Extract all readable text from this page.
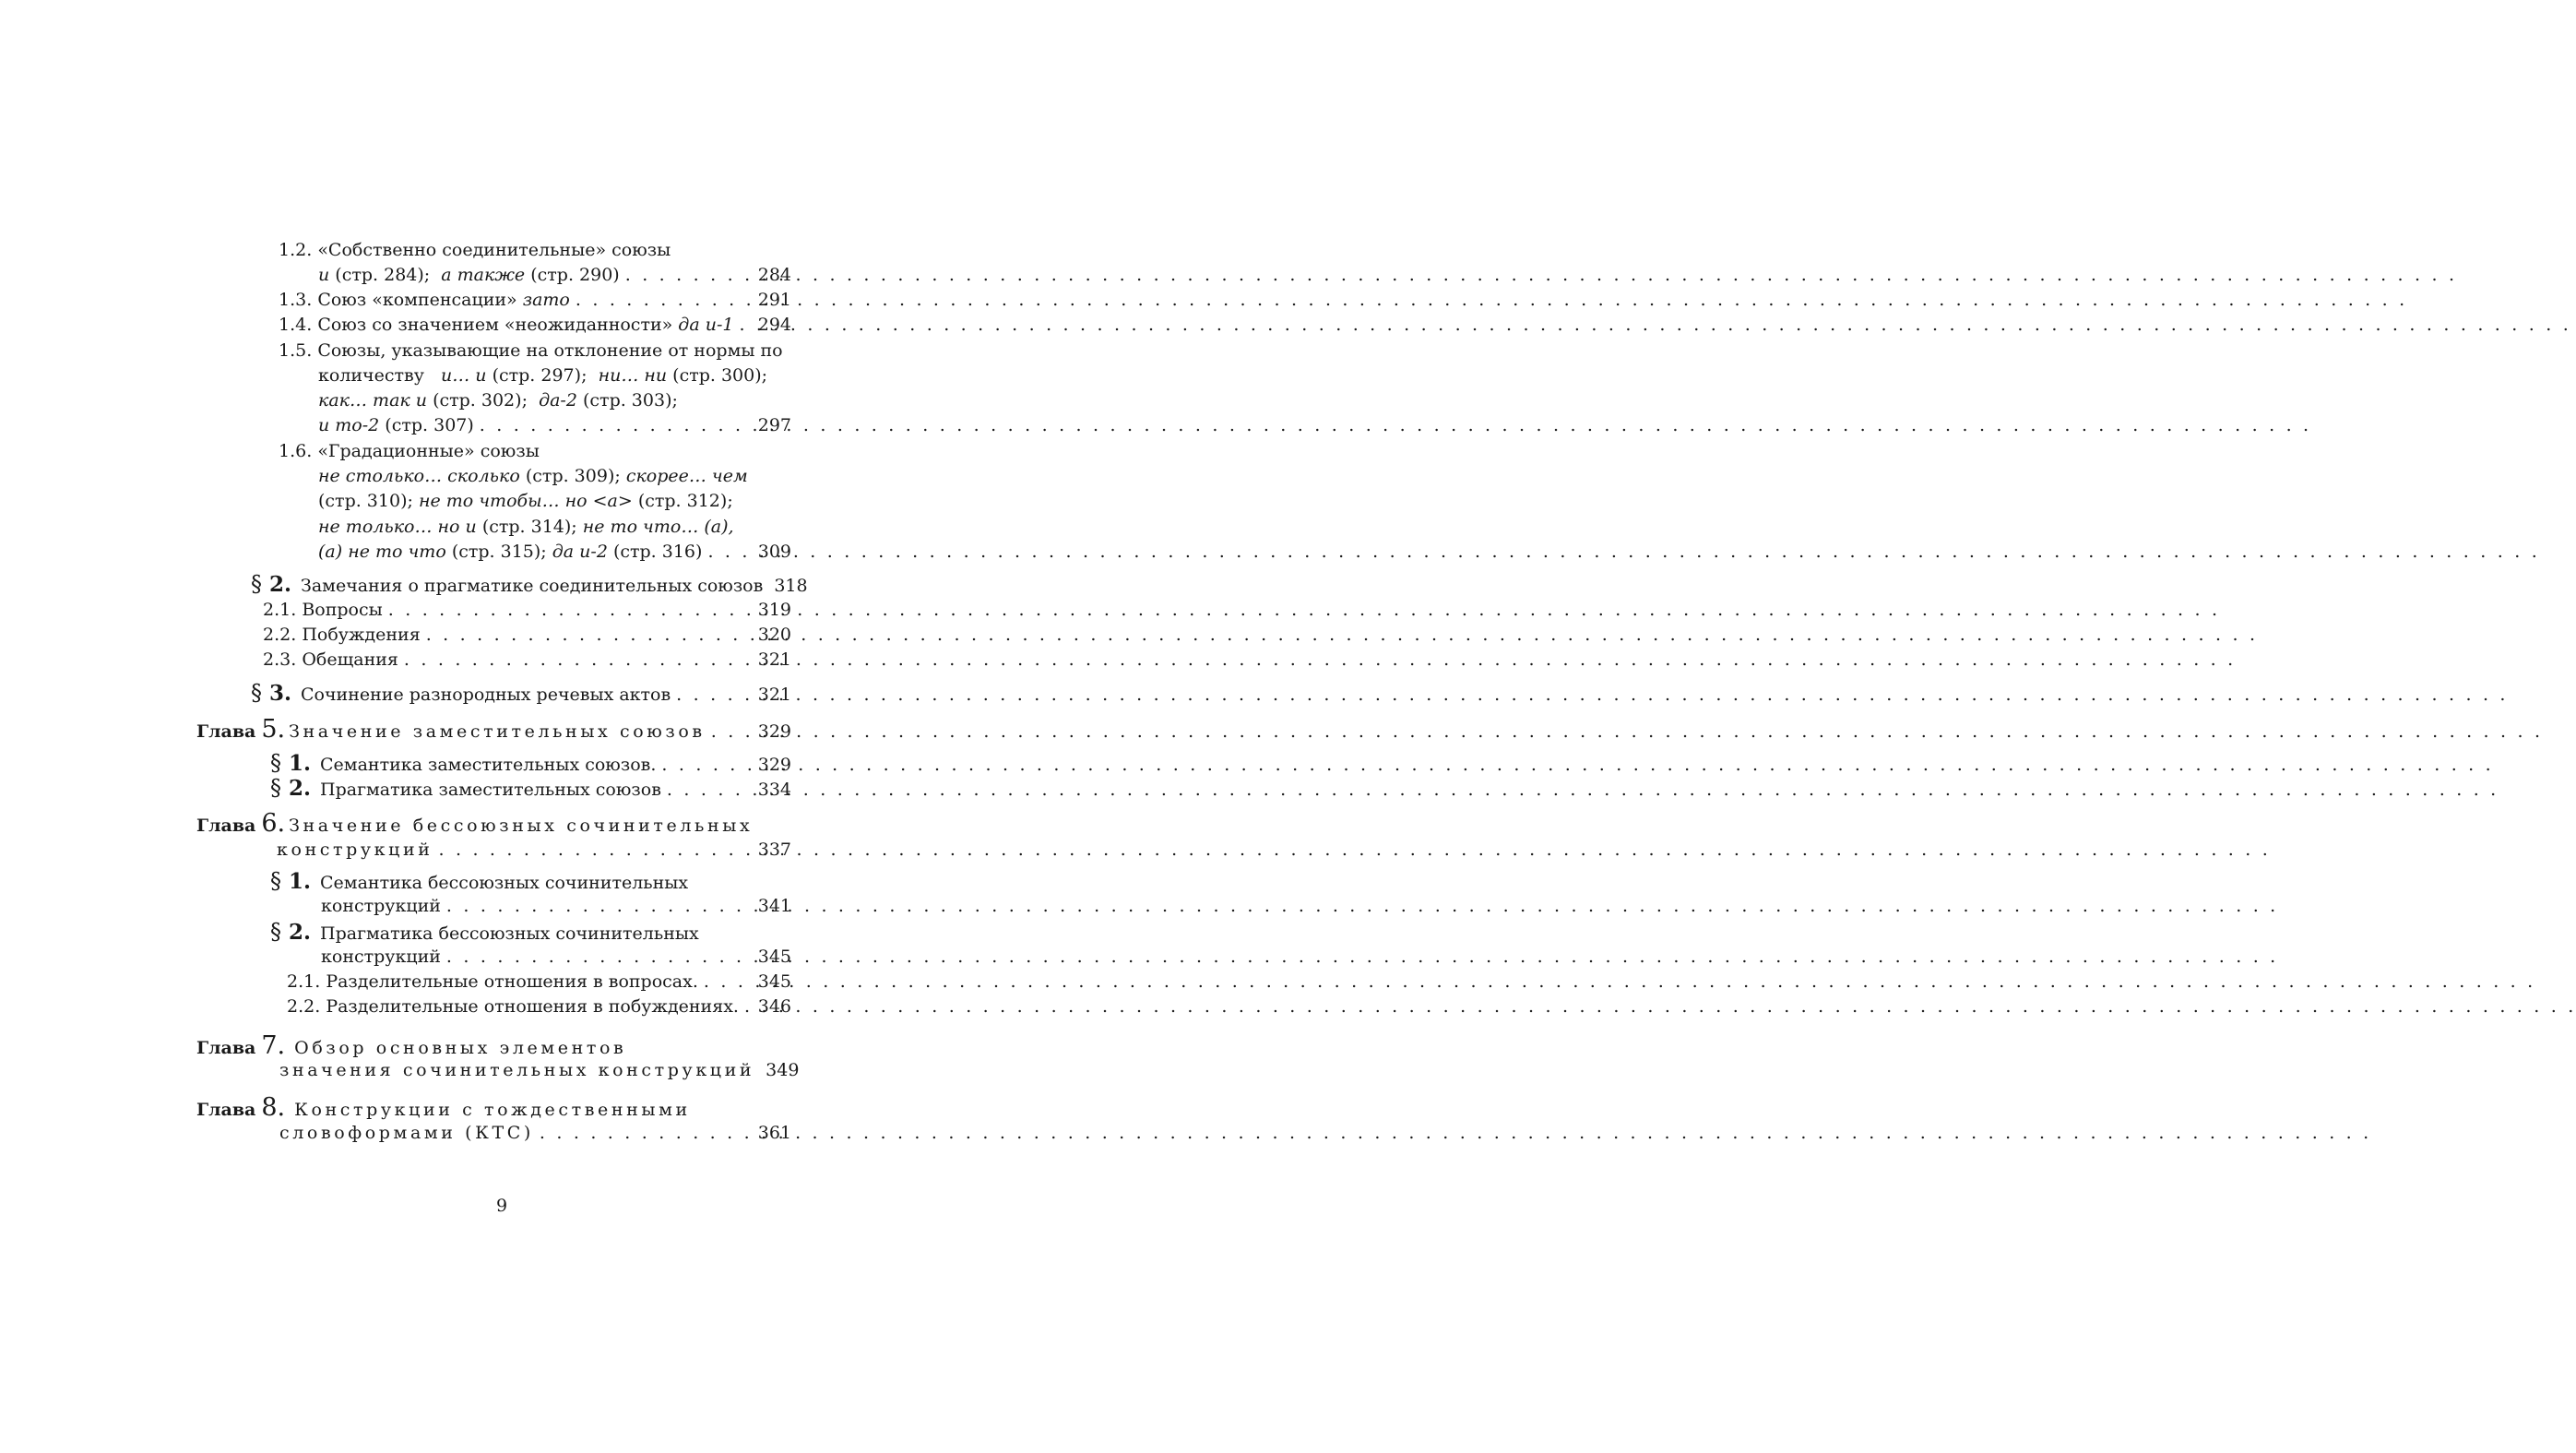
1.2. «Собственно соединительные» союзы
и (стр. 284); а также (стр. 290) . . .	284
1.3. Союз «компенсации» зато . . .	291
1.4. Союз со значением «неожиданности» да и-1 . . . 294
1.5. Союзы, указывающие на отклонение от нормы по
количеству и… и (стр. 297); ни… ни (стр. 300);
как… так и (стр. 302); да-2 (стр. 303);
и то-2 (стр. 307) . . .	297
1.6. «Градационные» союзы
не столько… сколько (стр. 309); скорее… чем
(стр. 310); не то чтобы… но <а> (стр. 312);
не только… но и (стр. 314); не то что… (а),
(а) не то что (стр. 315); да и-2 (стр. 316) . . .	309
§ 2. Замечания о прагматике соединительных союзов 318
2.1. Вопросы . . .	319
2.2. Побуждения . . .	320
2.3. Обещания . . .	321
§ 3. Сочинение разнородных речевых актов . . .	321
Глава 5. Значение заместительных союзов . . .	329
§ 1. Семантика заместительных союзов. . . .	329
§ 2. Прагматика заместительных союзов . . .	334
Глава 6. Значение бессоюзных сочинительных
конструкций . . .	337
§ 1. Семантика бессоюзных сочинительных
конструкций . . .	341
§ 2. Прагматика бессоюзных сочинительных
конструкций . . .	345
2.1. Разделительные отношения в вопросах. . . .	345
2.2. Разделительные отношения в побуждениях. . . . 346
Глава 7. Обзор основных элементов
значения сочинительных конструкций 349
Глава 8. Конструкции с тождественными
словоформами (КТС) . . .	361
9
